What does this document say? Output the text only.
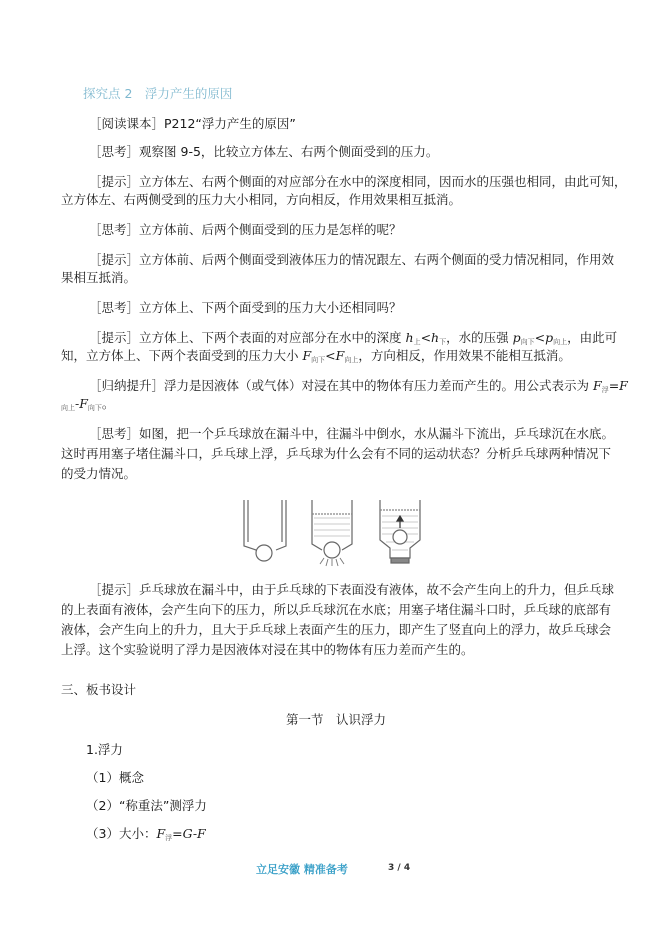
探究点 2　浮力产生的原因
［阅读课本］P212“浮力产生的原因”
［思考］观察图 9-5，比较立方体左、右两个侧面受到的压力。
［提示］立方体左、右两个侧面的对应部分在水中的深度相同，因而水的压强也相同，由此可知，
立方体左、右两侧受到的压力大小相同，方向相反，作用效果相互抵消。
［思考］立方体前、后两个侧面受到的压力是怎样的呢？
［提示］立方体前、后两个侧面受到液体压力的情况跟左、右两个侧面的受力情况相同，作用效
果相互抵消。
［思考］立方体上、下两个面受到的压力大小还相同吗？
［提示］立方体上、下两个表面的对应部分在水中的深度 h上<h下，水的压强 p向下<p向上，由此可
知，立方体上、下两个表面受到的压力大小 F向下<F向上，方向相反，作用效果不能相互抵消。
［归纳提升］浮力是因液体（或气体）对浸在其中的物体有压力差而产生的。用公式表示为 F浮=F
向上-F向下。
［思考］如图，把一个乒乓球放在漏斗中，往漏斗中倒水，水从漏斗下流出，乒乓球沉在水底。
这时再用塞子堵住漏斗口，乒乓球上浮，乒乓球为什么会有不同的运动状态？分析乒乓球两种情况下
的受力情况。
［提示］乒乓球放在漏斗中，由于乒乓球的下表面没有液体，故不会产生向上的升力，但乒乓球
的上表面有液体，会产生向下的压力，所以乒乓球沉在水底；用塞子堵住漏斗口时，乒乓球的底部有
液体，会产生向上的升力，且大于乒乓球上表面产生的压力，即产生了竖直向上的浮力，故乒乓球会
上浮。这个实验说明了浮力是因液体对浸在其中的物体有压力差而产生的。
三、板书设计
第一节　认识浮力
1.浮力
（1）概念
（2）“称重法”测浮力
（3）大小：F浮=G-F
立足安徽 精准备考	3 / 4
